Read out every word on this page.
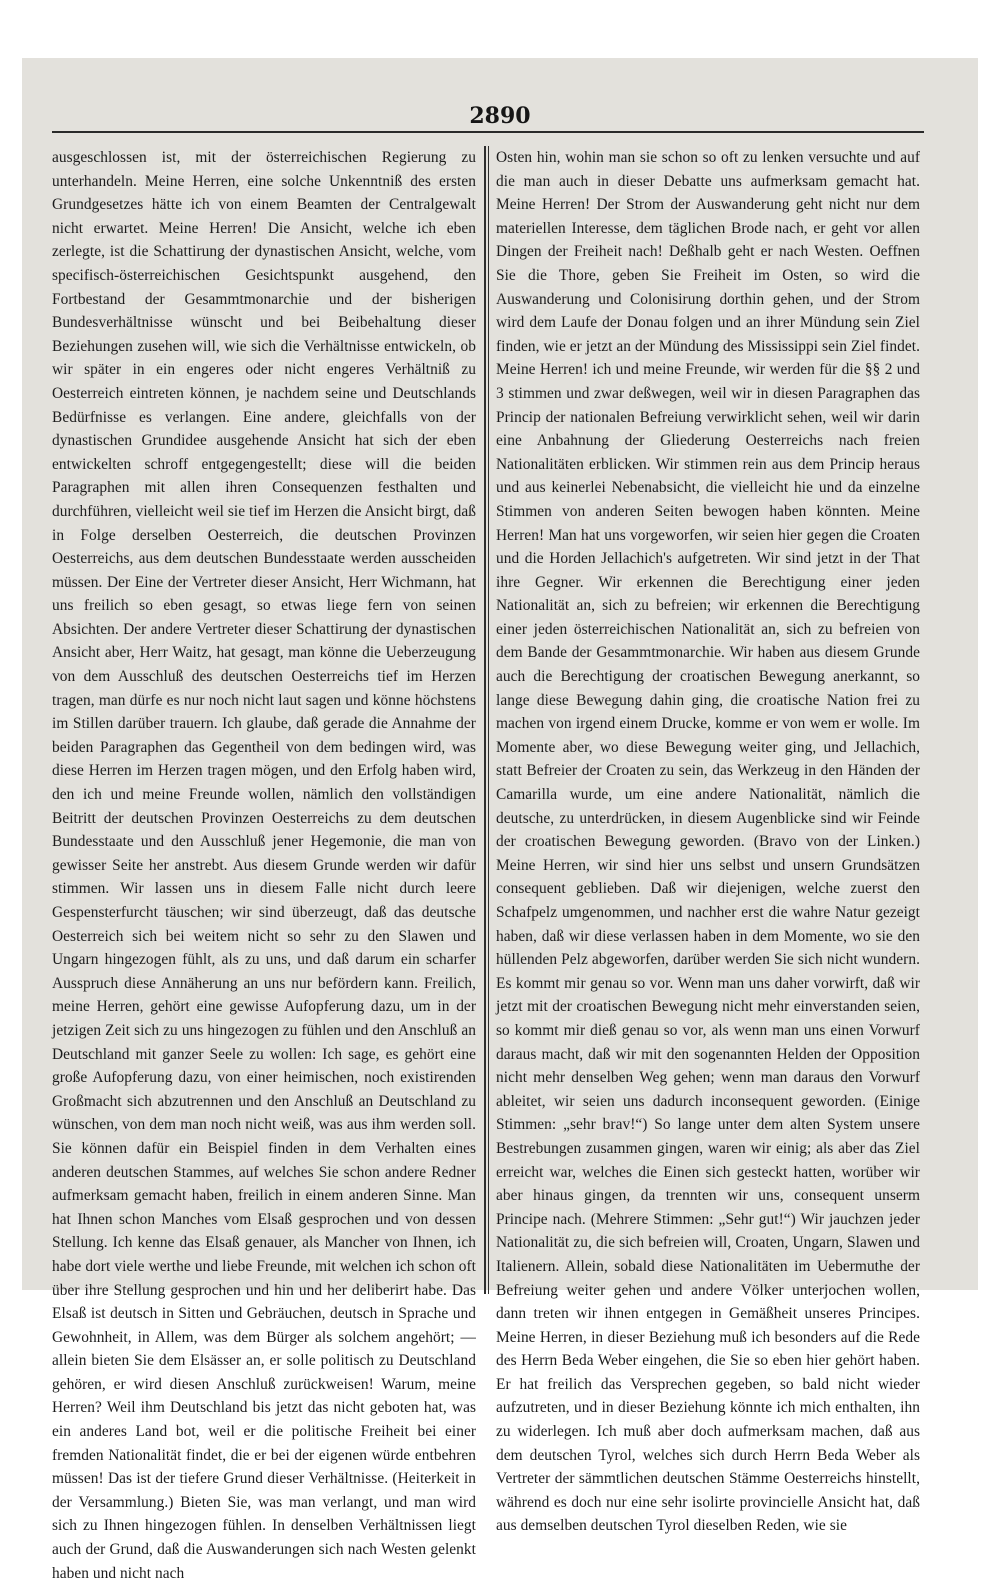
2890
ausgeschlossen ist, mit der österreichischen Regierung zu unterhandeln. Meine Herren, eine solche Unkenntniß des ersten Grundgesetzes hätte ich von einem Beamten der Centralgewalt nicht erwartet. Meine Herren! Die Ansicht, welche ich eben zerlegte, ist die Schattirung der dynastischen Ansicht, welche, vom specifisch-österreichischen Gesichtspunkt ausgehend, den Fortbestand der Gesammtmonarchie und der bisherigen Bundesverhältnisse wünscht und bei Beibehaltung dieser Beziehungen zusehen will, wie sich die Verhältnisse entwickeln, ob wir später in ein engeres oder nicht engeres Verhältniß zu Oesterreich eintreten können, je nachdem seine und Deutschlands Bedürfnisse es verlangen. Eine andere, gleichfalls von der dynastischen Grundidee ausgehende Ansicht hat sich der eben entwickelten schroff entgegengestellt; diese will die beiden Paragraphen mit allen ihren Consequenzen festhalten und durchführen, vielleicht weil sie tief im Herzen die Ansicht birgt, daß in Folge derselben Oesterreich, die deutschen Provinzen Oesterreichs, aus dem deutschen Bundesstaate werden ausscheiden müssen. Der Eine der Vertreter dieser Ansicht, Herr Wichmann, hat uns freilich so eben gesagt, so etwas liege fern von seinen Absichten. Der andere Vertreter dieser Schattirung der dynastischen Ansicht aber, Herr Waitz, hat gesagt, man könne die Ueberzeugung von dem Ausschluß des deutschen Oesterreichs tief im Herzen tragen, man dürfe es nur noch nicht laut sagen und könne höchstens im Stillen darüber trauern. Ich glaube, daß gerade die Annahme der beiden Paragraphen das Gegentheil von dem bedingen wird, was diese Herren im Herzen tragen mögen, und den Erfolg haben wird, den ich und meine Freunde wollen, nämlich den vollständigen Beitritt der deutschen Provinzen Oesterreichs zu dem deutschen Bundesstaate und den Ausschluß jener Hegemonie, die man von gewisser Seite her anstrebt. Aus diesem Grunde werden wir dafür stimmen. Wir lassen uns in diesem Falle nicht durch leere Gespensterfurcht täuschen; wir sind überzeugt, daß das deutsche Oesterreich sich bei weitem nicht so sehr zu den Slawen und Ungarn hingezogen fühlt, als zu uns, und daß darum ein scharfer Ausspruch diese Annäherung an uns nur befördern kann. Freilich, meine Herren, gehört eine gewisse Aufopferung dazu, um in der jetzigen Zeit sich zu uns hingezogen zu fühlen und den Anschluß an Deutschland mit ganzer Seele zu wollen: Ich sage, es gehört eine große Aufopferung dazu, von einer heimischen, noch existirenden Großmacht sich abzutrennen und den Anschluß an Deutschland zu wünschen, von dem man noch nicht weiß, was aus ihm werden soll. Sie können dafür ein Beispiel finden in dem Verhalten eines anderen deutschen Stammes, auf welches Sie schon andere Redner aufmerksam gemacht haben, freilich in einem anderen Sinne. Man hat Ihnen schon Manches vom Elsaß gesprochen und von dessen Stellung. Ich kenne das Elsaß genauer, als Mancher von Ihnen, ich habe dort viele werthe und liebe Freunde, mit welchen ich schon oft über ihre Stellung gesprochen und hin und her deliberirt habe. Das Elsaß ist deutsch in Sitten und Gebräuchen, deutsch in Sprache und Gewohnheit, in Allem, was dem Bürger als solchem angehört; — allein bieten Sie dem Elsässer an, er solle politisch zu Deutschland gehören, er wird diesen Anschluß zurückweisen! Warum, meine Herren? Weil ihm Deutschland bis jetzt das nicht geboten hat, was ein anderes Land bot, weil er die politische Freiheit bei einer fremden Nationalität findet, die er bei der eigenen würde entbehren müssen! Das ist der tiefere Grund dieser Verhältnisse. (Heiterkeit in der Versammlung.) Bieten Sie, was man verlangt, und man wird sich zu Ihnen hingezogen fühlen. In denselben Verhältnissen liegt auch der Grund, daß die Auswanderungen sich nach Westen gelenkt haben und nicht nach
Osten hin, wohin man sie schon so oft zu lenken versuchte und auf die man auch in dieser Debatte uns aufmerksam gemacht hat. Meine Herren! Der Strom der Auswanderung geht nicht nur dem materiellen Interesse, dem täglichen Brode nach, er geht vor allen Dingen der Freiheit nach! Deßhalb geht er nach Westen. Oeffnen Sie die Thore, geben Sie Freiheit im Osten, so wird die Auswanderung und Colonisirung dorthin gehen, und der Strom wird dem Laufe der Donau folgen und an ihrer Mündung sein Ziel finden, wie er jetzt an der Mündung des Mississippi sein Ziel findet. Meine Herren! ich und meine Freunde, wir werden für die §§ 2 und 3 stimmen und zwar deßwegen, weil wir in diesen Paragraphen das Princip der nationalen Befreiung verwirklicht sehen, weil wir darin eine Anbahnung der Gliederung Oesterreichs nach freien Nationalitäten erblicken. Wir stimmen rein aus dem Princip heraus und aus keinerlei Nebenabsicht, die vielleicht hie und da einzelne Stimmen von anderen Seiten bewogen haben könnten. Meine Herren! Man hat uns vorgeworfen, wir seien hier gegen die Croaten und die Horden Jellachich's aufgetreten. Wir sind jetzt in der That ihre Gegner. Wir erkennen die Berechtigung einer jeden Nationalität an, sich zu befreien; wir erkennen die Berechtigung einer jeden österreichischen Nationalität an, sich zu befreien von dem Bande der Gesammtmonarchie. Wir haben aus diesem Grunde auch die Berechtigung der croatischen Bewegung anerkannt, so lange diese Bewegung dahin ging, die croatische Nation frei zu machen von irgend einem Drucke, komme er von wem er wolle. Im Momente aber, wo diese Bewegung weiter ging, und Jellachich, statt Befreier der Croaten zu sein, das Werkzeug in den Händen der Camarilla wurde, um eine andere Nationalität, nämlich die deutsche, zu unterdrücken, in diesem Augenblicke sind wir Feinde der croatischen Bewegung geworden. (Bravo von der Linken.) Meine Herren, wir sind hier uns selbst und unsern Grundsätzen consequent geblieben. Daß wir diejenigen, welche zuerst den Schafpelz umgenommen, und nachher erst die wahre Natur gezeigt haben, daß wir diese verlassen haben in dem Momente, wo sie den hüllenden Pelz abgeworfen, darüber werden Sie sich nicht wundern. Es kommt mir genau so vor. Wenn man uns daher vorwirft, daß wir jetzt mit der croatischen Bewegung nicht mehr einverstanden seien, so kommt mir dieß genau so vor, als wenn man uns einen Vorwurf daraus macht, daß wir mit den sogenannten Helden der Opposition nicht mehr denselben Weg gehen; wenn man daraus den Vorwurf ableitet, wir seien uns dadurch inconsequent geworden. (Einige Stimmen: „sehr brav!“) So lange unter dem alten System unsere Bestrebungen zusammen gingen, waren wir einig; als aber das Ziel erreicht war, welches die Einen sich gesteckt hatten, worüber wir aber hinaus gingen, da trennten wir uns, consequent unserm Principe nach. (Mehrere Stimmen: „Sehr gut!“) Wir jauchzen jeder Nationalität zu, die sich befreien will, Croaten, Ungarn, Slawen und Italienern. Allein, sobald diese Nationalitäten im Uebermuthe der Befreiung weiter gehen und andere Völker unterjochen wollen, dann treten wir ihnen entgegen in Gemäßheit unseres Principes. Meine Herren, in dieser Beziehung muß ich besonders auf die Rede des Herrn Beda Weber eingehen, die Sie so eben hier gehört haben. Er hat freilich das Versprechen gegeben, so bald nicht wieder aufzutreten, und in dieser Beziehung könnte ich mich enthalten, ihn zu widerlegen. Ich muß aber doch aufmerksam machen, daß aus dem deutschen Tyrol, welches sich durch Herrn Beda Weber als Vertreter der sämmtlichen deutschen Stämme Oesterreichs hinstellt, während es doch nur eine sehr isolirte provincielle Ansicht hat, daß aus demselben deutschen Tyrol dieselben Reden, wie sie
